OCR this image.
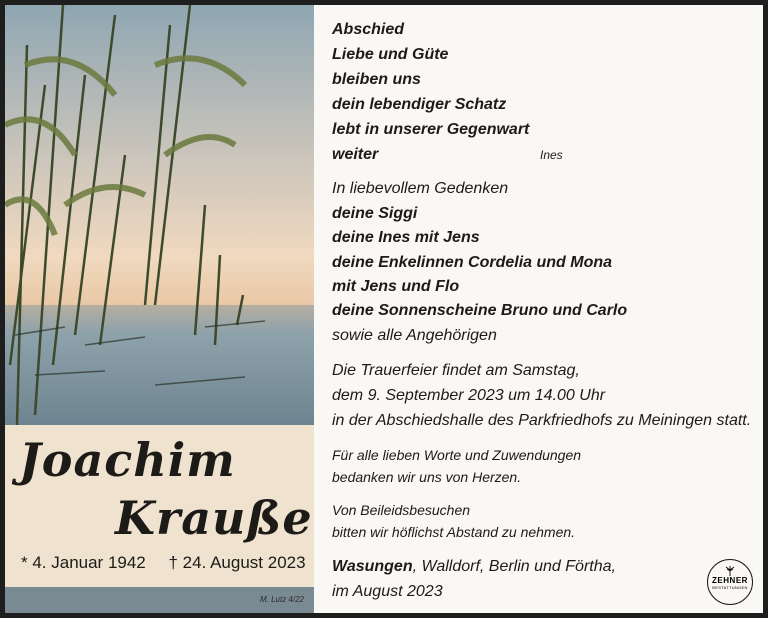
Joachim
Krauße
* 4. Januar 1942 † 24. August 2023
M. Lutz 4/22
Abschied
Liebe und Güte
bleiben uns
dein lebendiger Schatz
lebt in unserer Gegenwart
weiter	Ines
In liebevollem Gedenken
deine Siggi
deine Ines mit Jens
deine Enkelinnen Cordelia und Mona
mit Jens und Flo
deine Sonnenscheine Bruno und Carlo
sowie alle Angehörigen
Die Trauerfeier findet am Samstag,
dem 9. September 2023 um 14.00 Uhr
in der Abschiedshalle des Parkfriedhofs zu Meiningen statt.
Für alle lieben Worte und Zuwendungen
bedanken wir uns von Herzen.
Von Beileidsbesuchen
bitten wir höflichst Abstand zu nehmen.
Wasungen, Walldorf, Berlin und Förtha,
im August 2023
ZEHNER
BESTATTUNGEN
